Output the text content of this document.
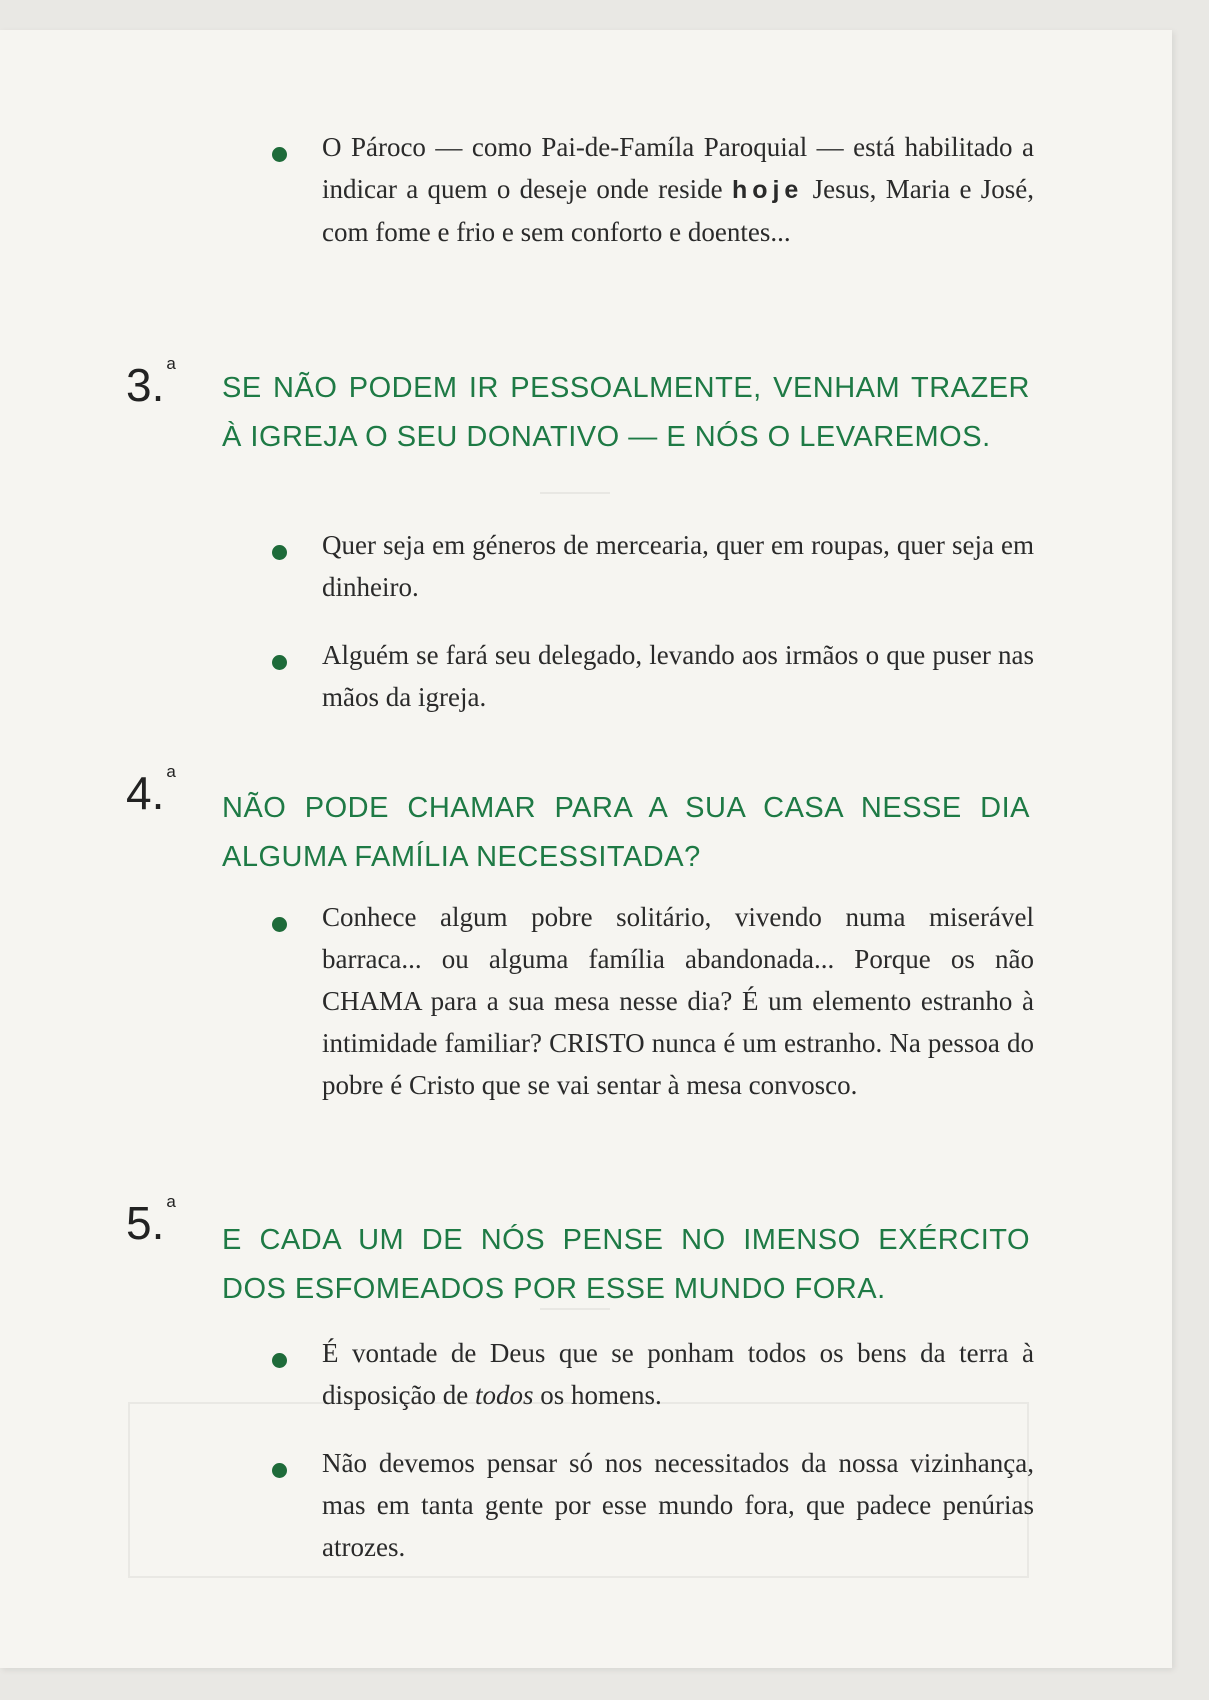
O Pároco — como Pai-de-Famíla Paroquial — está habilitado a indicar a quem o deseje onde reside hoje Jesus, Maria e José, com fome e frio e sem conforto e doentes...

3. $^a$

SE NÃO PODEM IR PESSOALMENTE, VENHAM TRAZER À IGREJA O SEU DONATIVO — E NÓS O LEVAREMOS.

Quer seja em géneros de mercearia, quer em roupas, quer seja em dinheiro.

Alguém se fará seu delegado, levando aos irmãos o que puser nas mãos da igreja.

4. $^a$

NÃO PODE CHAMAR PARA A SUA CASA NESSE DIA ALGUMA FAMÍLIA NECESSITADA?

Conhece algum pobre solitário, vivendo numa miserável barraca... ou alguma família abandonada... Porque os não CHAMA para a sua mesa nesse dia? É um elemento estranho à intimidade familiar? CRISTO nunca é um estranho. Na pessoa do pobre é Cristo que se vai sentar à mesa convosco.

5. $^a$

E CADA UM DE NÓS PENSE NO IMENSO EXÉRCITO DOS ESFOMEADOS POR ESSE MUNDO FORA.

É vontade de Deus que se ponham todos os bens da terra à disposição de todos os homens.

Não devemos pensar só nos necessitados da nossa vizinhança, mas em tanta gente por esse mundo fora, que padece penúrias atrozes.
